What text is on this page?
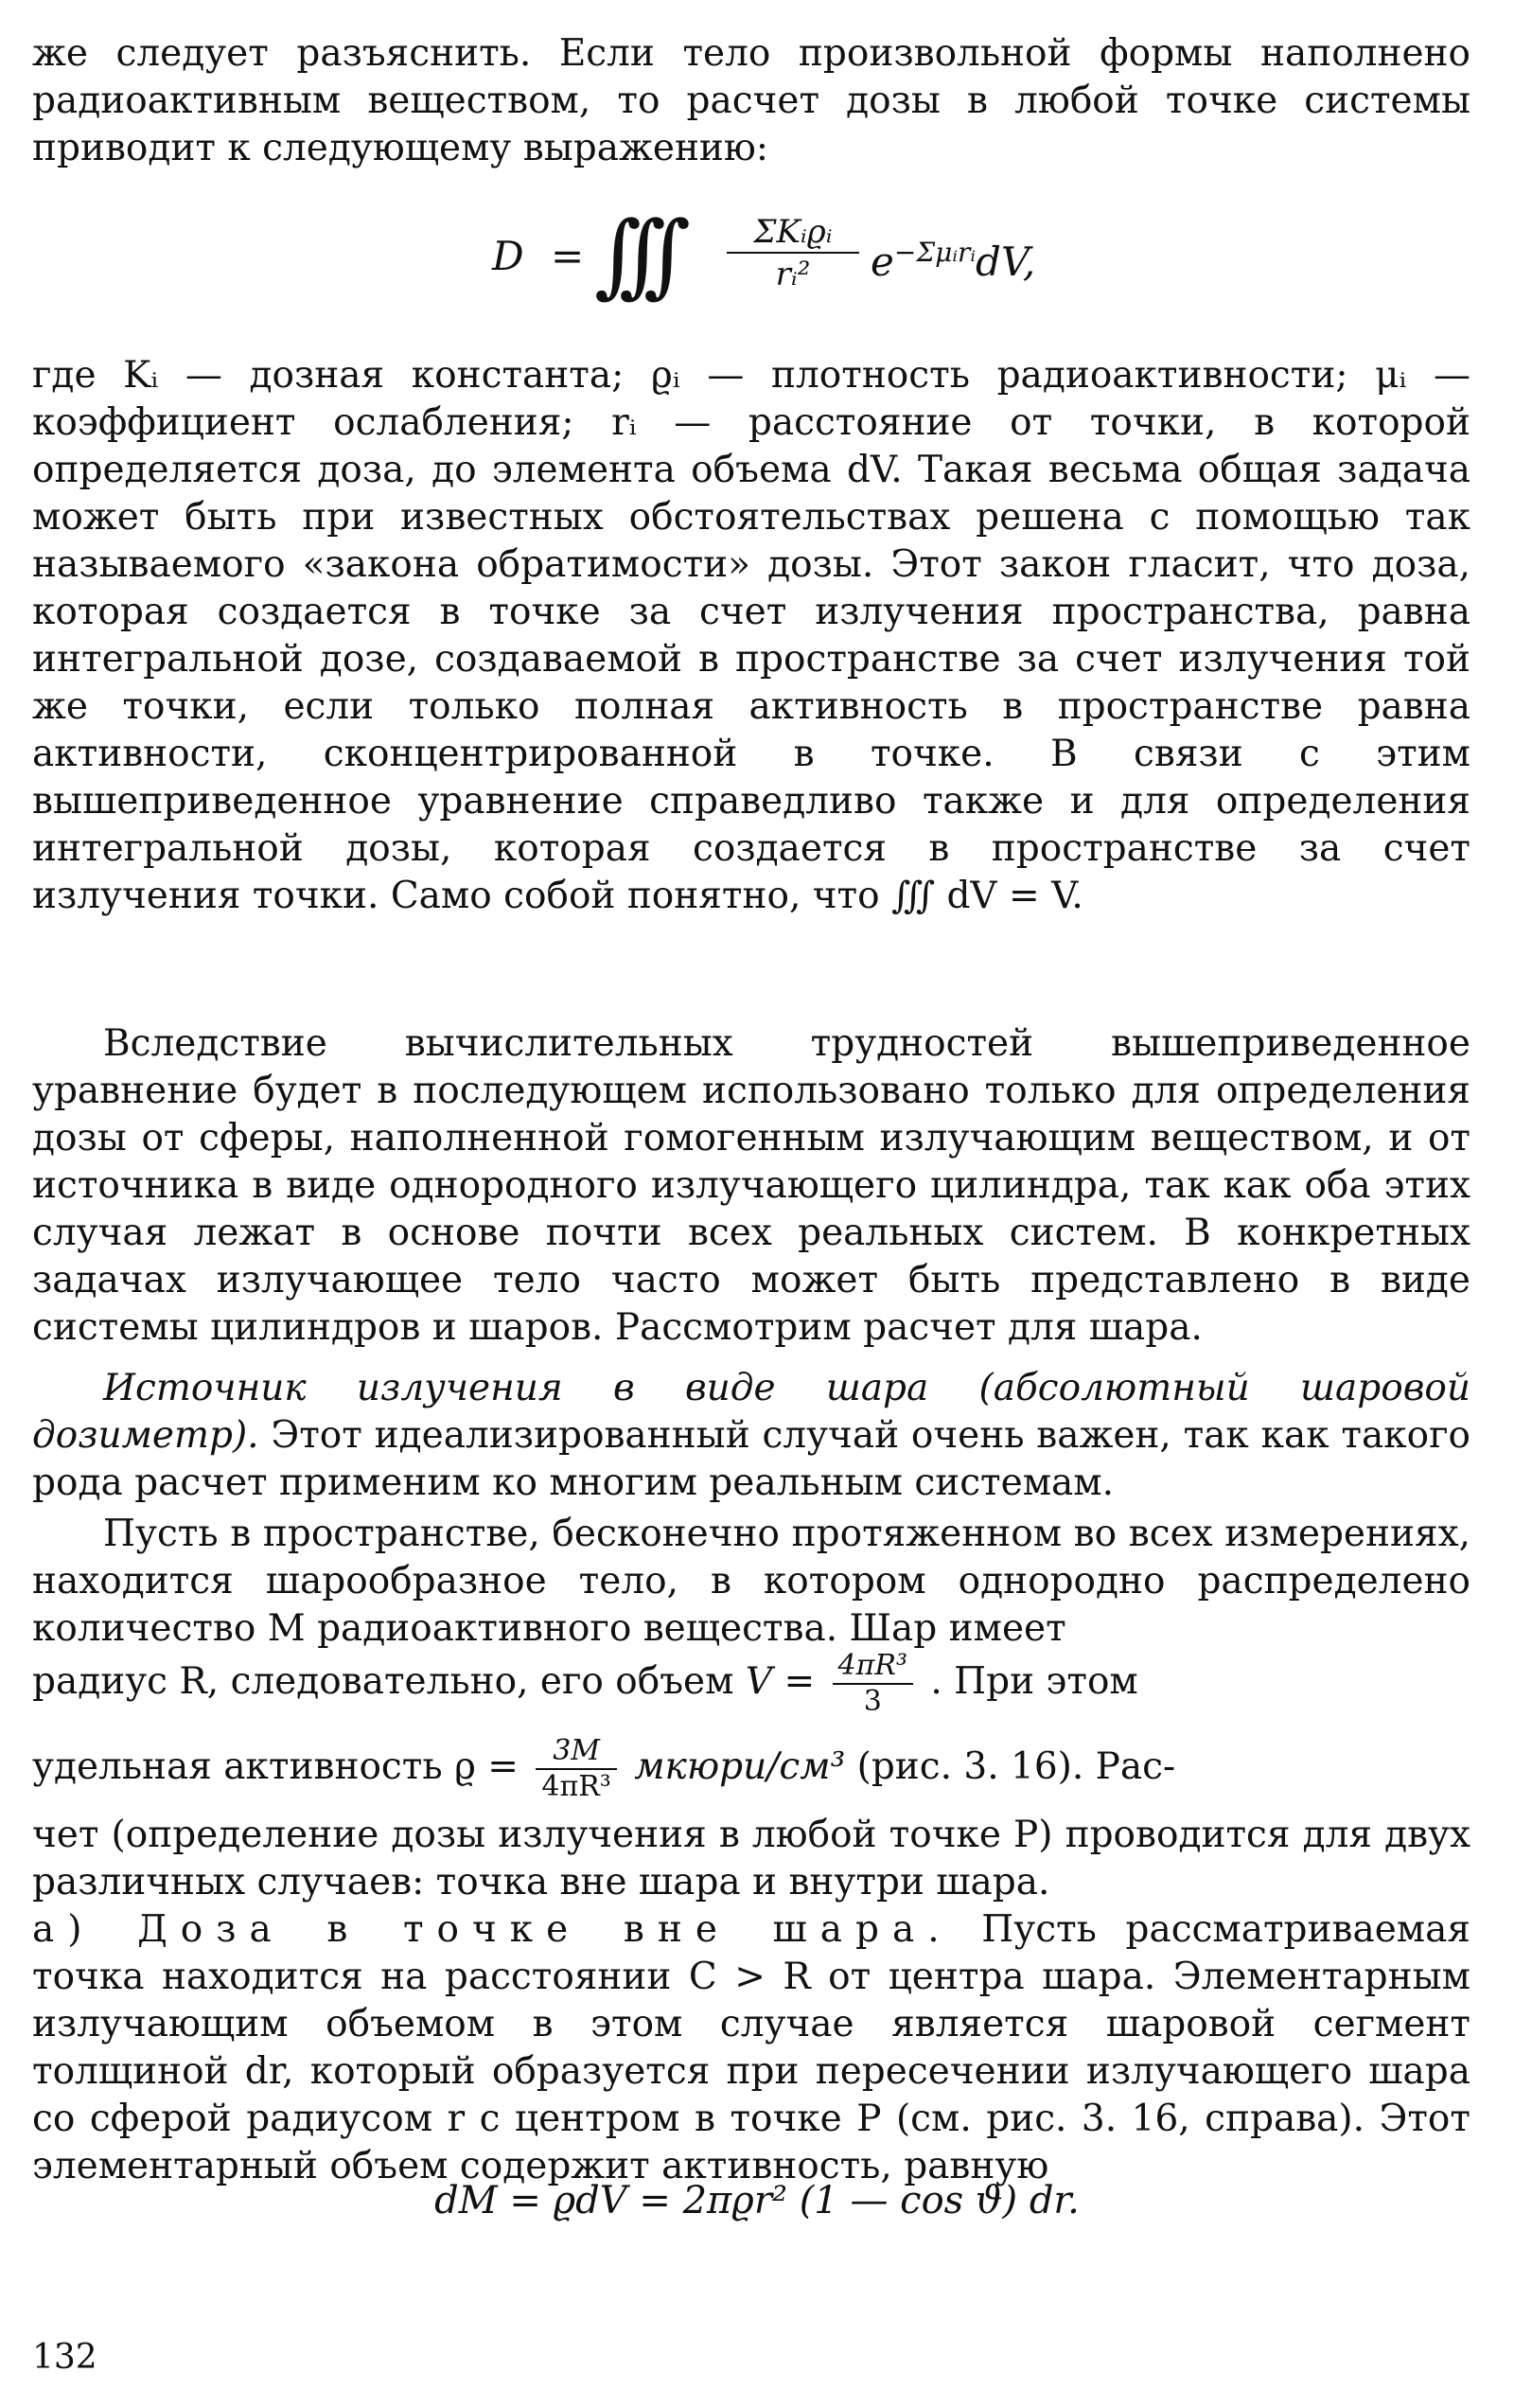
же следует разъяснить. Если тело произвольной формы наполнено радиоактивным веществом, то расчет дозы в любой точке системы приводит к следующему выражению:

D = ∫∫∫	ΣKᵢϱᵢ
rᵢ²	$e^{-\Sigma\mu ᵢrᵢ}dV$,

где Kᵢ — дозная константа; ϱᵢ — плотность радиоактивности; μᵢ — коэффициент ослабления; rᵢ — расстояние от точки, в которой определяется доза, до элемента объема dV. Такая весьма общая задача может быть при известных обстоятельствах решена с помощью так называемого «закона обратимости» дозы. Этот закон гласит, что доза, которая создается в точке за счет излучения пространства, равна интегральной дозе, создаваемой в пространстве за счет излучения той же точки, если только полная активность в пространстве равна активности, сконцентрированной в точке. В связи с этим вышеприведенное уравнение справедливо также и для определения интегральной дозы, которая создается в пространстве за счет излучения точки. Само собой понятно, что ∭ dV = V.

Вследствие вычислительных трудностей вышеприведенное уравнение будет в последующем использовано только для определения дозы от сферы, наполненной гомогенным излучающим веществом, и от источника в виде однородного излучающего цилиндра, так как оба этих случая лежат в основе почти всех реальных систем. В конкретных задачах излучающее тело часто может быть представлено в виде системы цилиндров и шаров. Рассмотрим расчет для шара.

Источник излучения в виде шара (абсолютный шаровой дозиметр). Этот идеализированный случай очень важен, так как такого рода расчет применим ко многим реальным системам.

Пусть в пространстве, бесконечно протяженном во всех измерениях, находится шарообразное тело, в котором однородно распределено количество M радиоактивного вещества. Шар имеет

радиус R, следовательно, его объем $V = \frac{\text{4πR³}}{3}$ . При этом
удельная активность $ϱ = \frac{3M}{\text{4πR³}}$ мкюри/см³ (рис. 3. 16). Рас-

чет (определение дозы излучения в любой точке P) проводится для двух различных случаев: точка вне шара и внутри шара.

а) Доза в точке вне шара. Пусть рассматриваемая точка находится на расстоянии C > R от центра шара. Элементарным излучающим объемом в этом случае является шаровой сегмент толщиной dr, который образуется при пересечении излучающего шара со сферой радиусом r с центром в точке P (см. рис. 3. 16, справа). Этот элементарный объем содержит активность, равную

dM = ϱdV = 2πϱr² (1 — cos ϑ) dr.
132
